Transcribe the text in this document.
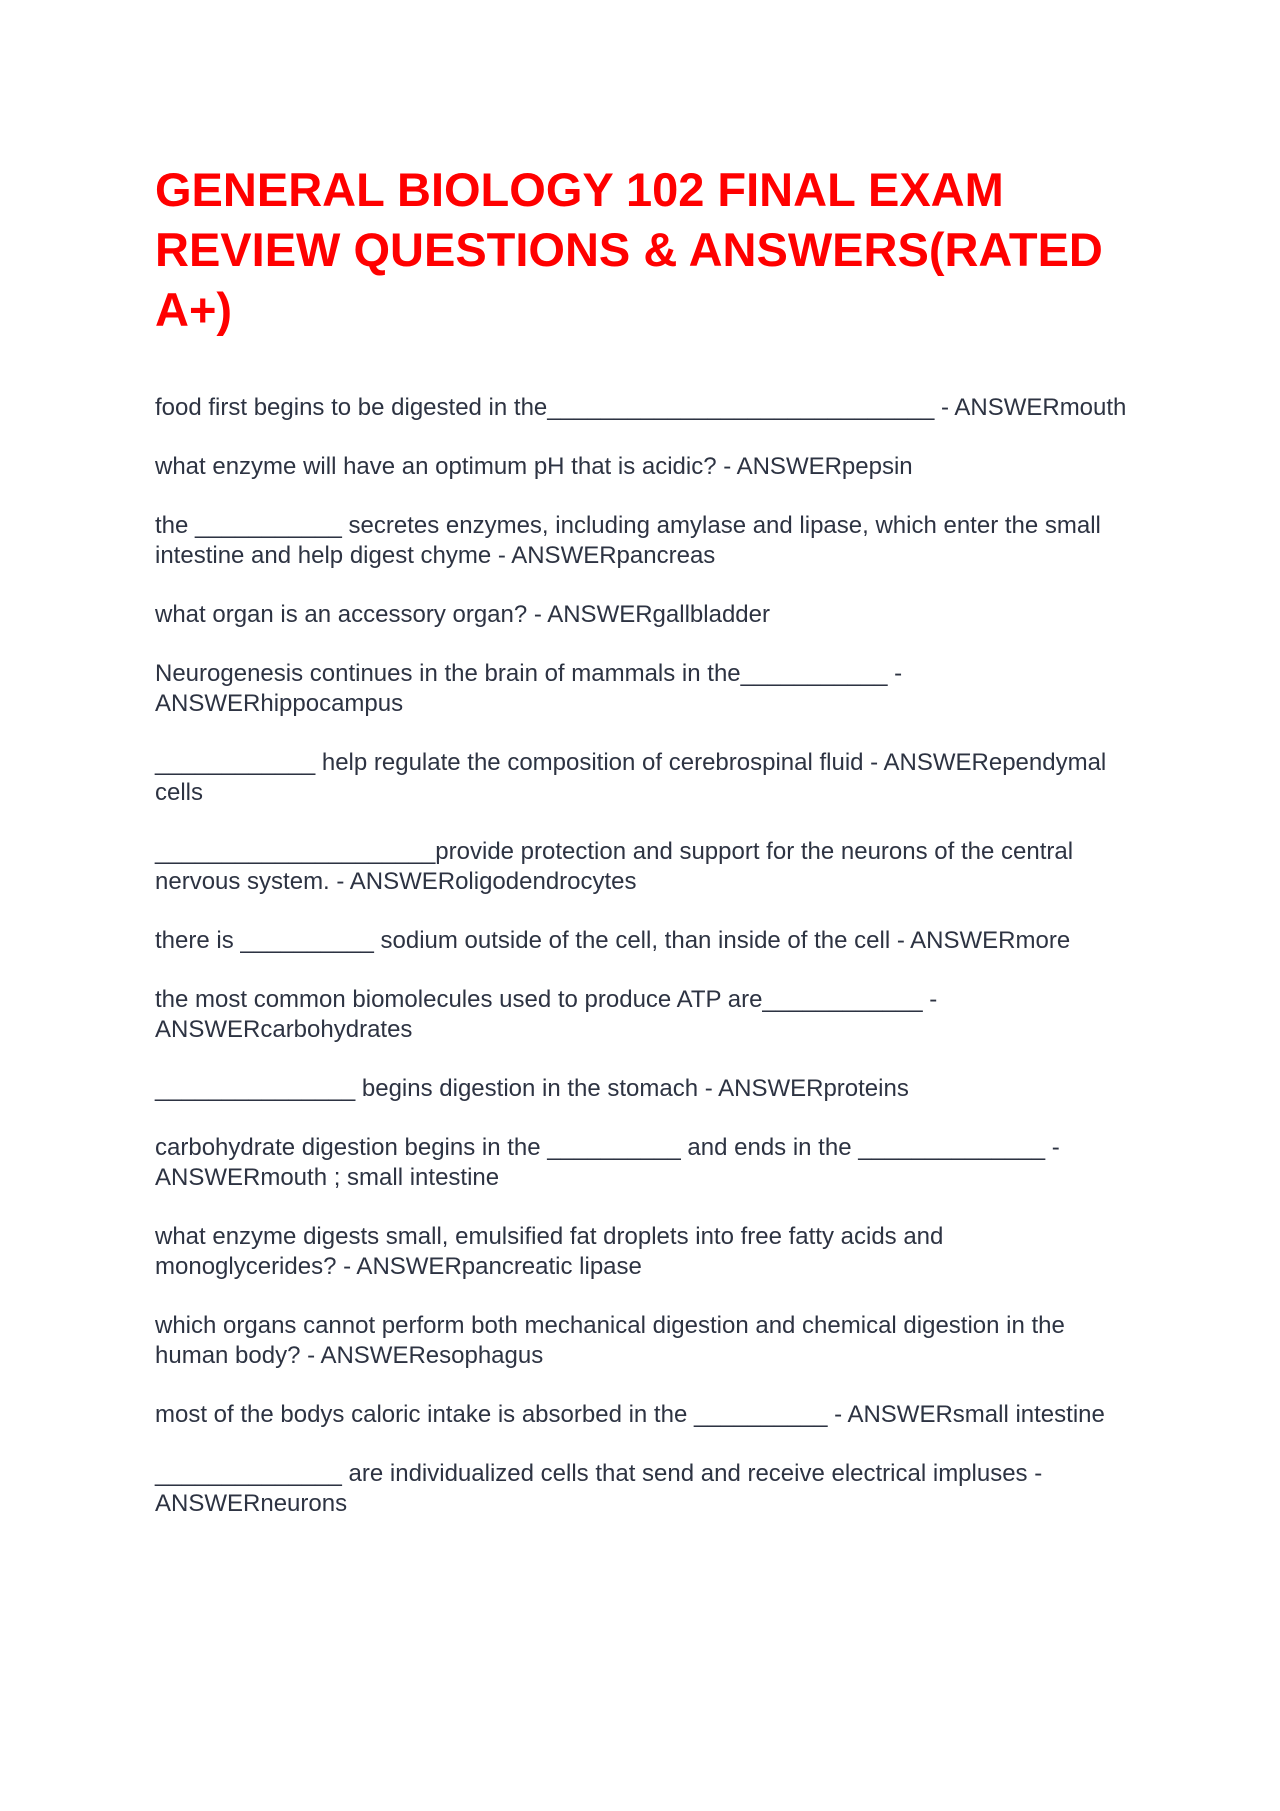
GENERAL BIOLOGY 102 FINAL EXAM REVIEW QUESTIONS & ANSWERS(RATED A+)
food first begins to be digested in the_____________________________ - ANSWERmouth
what enzyme will have an optimum pH that is acidic? - ANSWERpepsin
the ___________ secretes enzymes, including amylase and lipase, which enter the small intestine and help digest chyme - ANSWERpancreas
what organ is an accessory organ? - ANSWERgallbladder
Neurogenesis continues in the brain of mammals in the___________ - ANSWERhippocampus
____________ help regulate the composition of cerebrospinal fluid - ANSWERependymal cells
_____________________provide protection and support for the neurons of the central nervous system. - ANSWERoligodendrocytes
there is __________ sodium outside of the cell, than inside of the cell - ANSWERmore
the most common biomolecules used to produce ATP are____________ - ANSWERcarbohydrates
_______________ begins digestion in the stomach - ANSWERproteins
carbohydrate digestion begins in the __________ and ends in the ______________ - ANSWERmouth ; small intestine
what enzyme digests small, emulsified fat droplets into free fatty acids and monoglycerides? - ANSWERpancreatic lipase
which organs cannot perform both mechanical digestion and chemical digestion in the human body? - ANSWEResophagus
most of the bodys caloric intake is absorbed in the __________ - ANSWERsmall intestine
______________ are individualized cells that send and receive electrical impluses - ANSWERneurons
